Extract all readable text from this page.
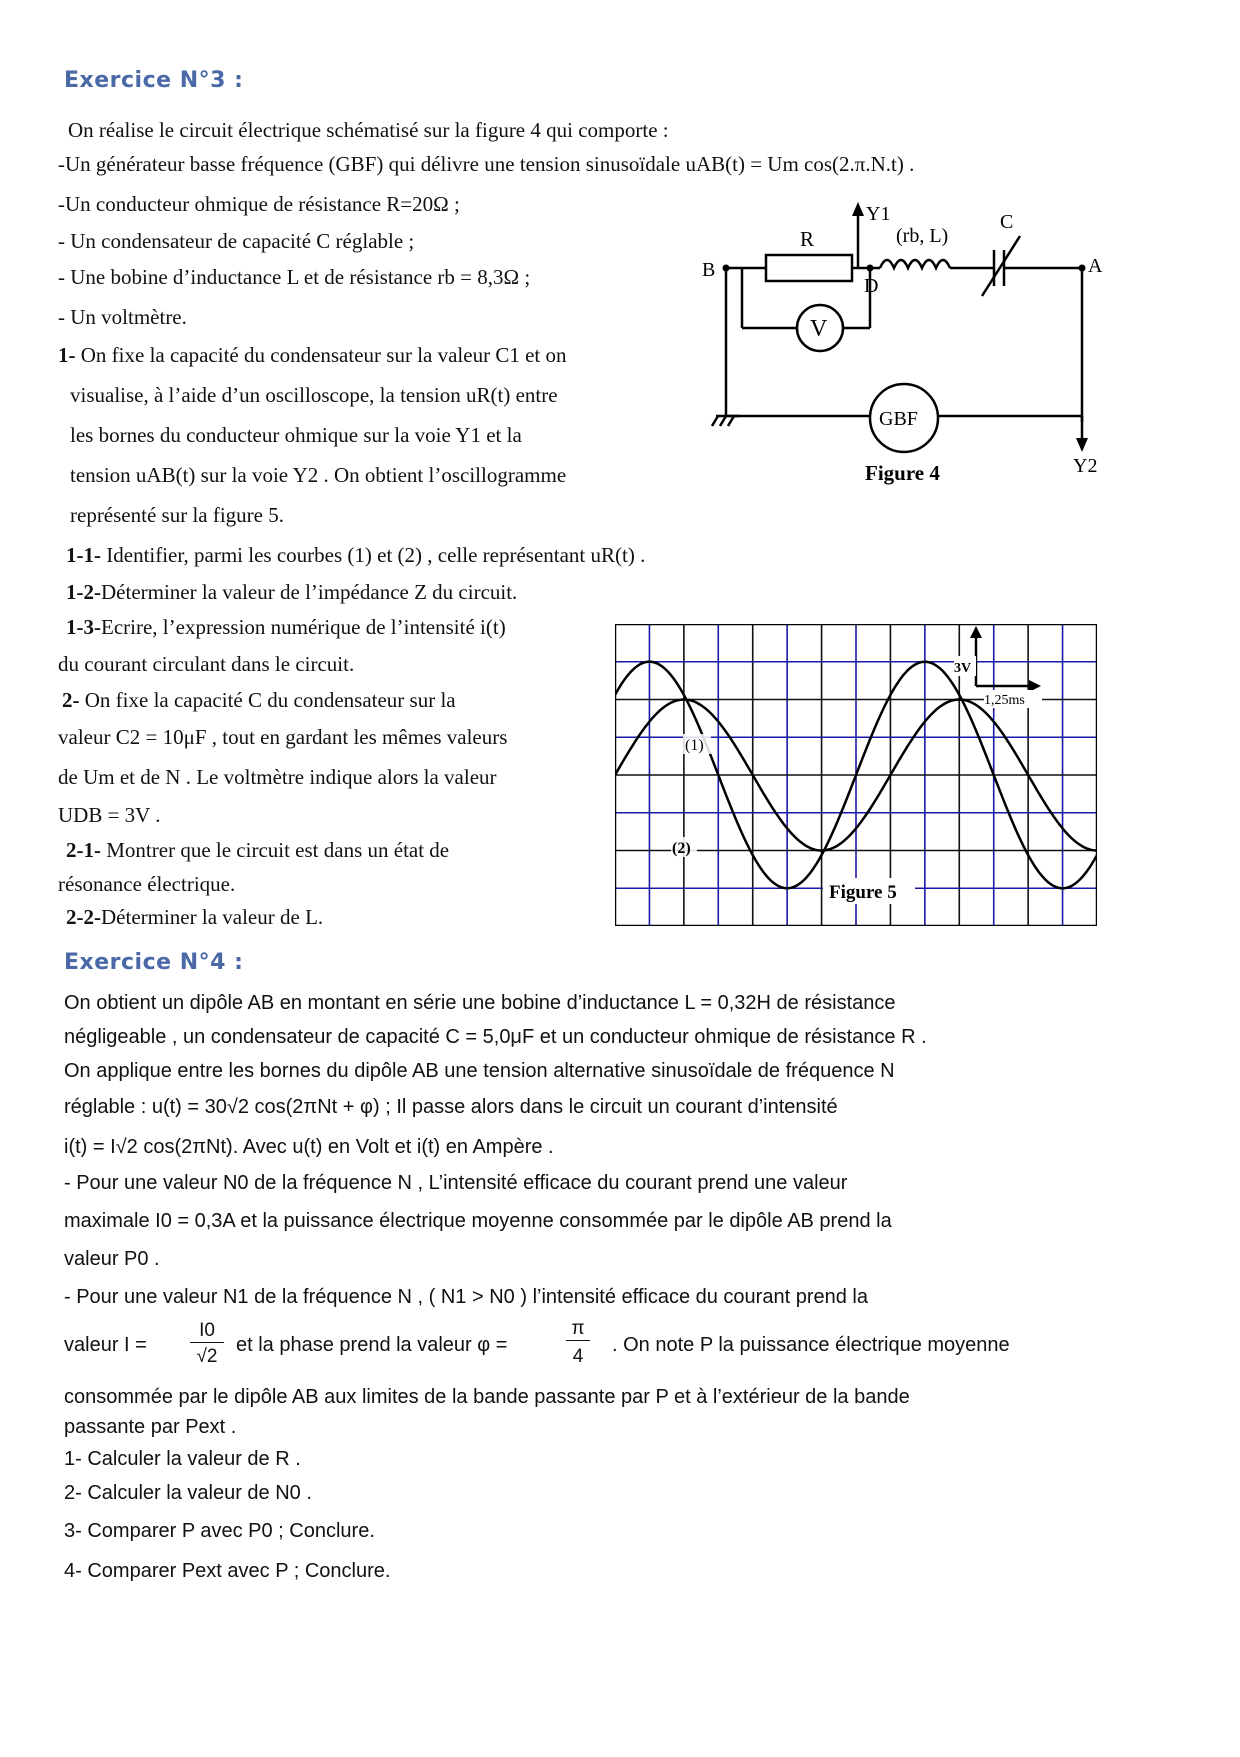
Exercice N°3 :
On réalise le circuit électrique schématisé sur la figure 4 qui comporte :
-Un générateur basse fréquence (GBF) qui délivre une tension sinusoïdale uAB(t) = Um cos(2.π.N.t) .
-Un conducteur ohmique de résistance R=20Ω ;
- Un condensateur de capacité C réglable ;
- Une bobine d’inductance L et de résistance rb = 8,3Ω ;
- Un voltmètre.
1- On fixe la capacité du condensateur sur la valeur C1 et on
visualise, à l’aide d’un oscilloscope, la tension uR(t) entre
les bornes du conducteur ohmique sur la voie Y1 et la
tension uAB(t) sur la voie Y2 . On obtient l’oscillogramme
représenté sur la figure 5.
1-1- Identifier, parmi les courbes (1) et (2) , celle représentant uR(t) .
1-2-Déterminer la valeur de l’impédance Z du circuit.
1-3-Ecrire, l’expression numérique de l’intensité i(t)
du courant circulant dans le circuit.
2- On fixe la capacité C du condensateur sur la
valeur C2 = 10μF , tout en gardant les mêmes valeurs
de Um et de N . Le voltmètre indique alors la valeur
UDB = 3V .
2-1- Montrer que le circuit est dans un état de
résonance électrique.
2-2-Déterminer la valeur de L.
R
Y1
(rb, L)
C
B
D
A
V
GBF
Y2
Figure 4
3V
1,25ms
(1)
(2)
Figure 5
Exercice N°4 :
On obtient un dipôle AB en montant en série une bobine d’inductance L = 0,32H de résistance
négligeable , un condensateur de capacité C = 5,0μF et un conducteur ohmique de résistance R .
On applique entre les bornes du dipôle AB une tension alternative sinusoïdale de fréquence N
réglable : u(t) = 30√2 cos(2πNt + φ) ; Il passe alors dans le circuit un courant d’intensité
i(t) = I√2 cos(2πNt). Avec u(t) en Volt et i(t) en Ampère .
- Pour une valeur N0 de la fréquence N , L’intensité efficace du courant prend une valeur
maximale I0 = 0,3A et la puissance électrique moyenne consommée par le dipôle AB prend la
valeur P0 .
- Pour une valeur N1 de la fréquence N , ( N1 > N0 ) l’intensité efficace du courant prend la
valeur I =
I0
√2
et la phase prend la valeur φ =
π
4
. On note P la puissance électrique moyenne
consommée par le dipôle AB aux limites de la bande passante par P et à l’extérieur de la bande
passante par Pext .
1- Calculer la valeur de R .
2- Calculer la valeur de N0 .
3- Comparer P avec P0 ; Conclure.
4- Comparer Pext avec P ; Conclure.
